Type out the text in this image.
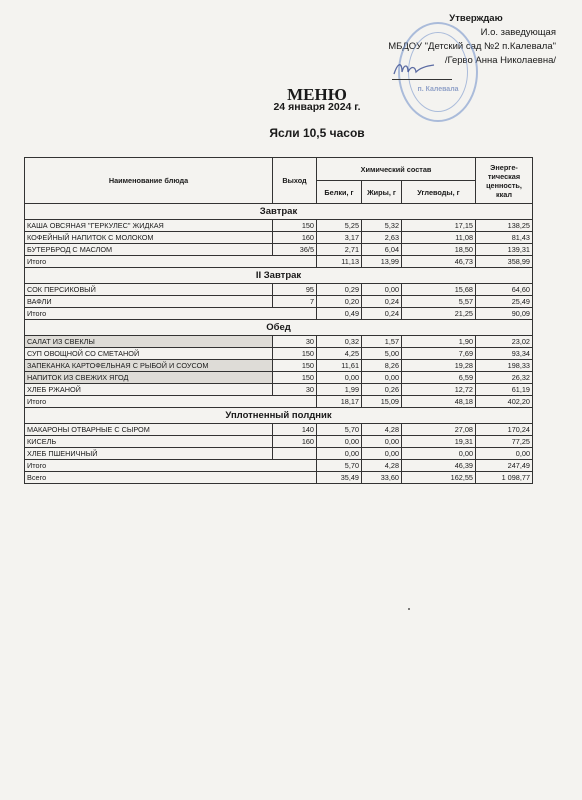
Утверждаю
И.о. заведующая
МБДОУ "Детский сад №2 п.Калевала"
/Герво Анна Николаевна/
п. Калевала
МЕНЮ
24 января 2024 г.
Ясли 10,5 часов
Наименование блюда	Выход	Химический состав			Энерге-тическая ценность, ккал
		Белки, г	Жиры, г	Углеводы, г	
Завтрак					
КАША ОВСЯНАЯ "ГЕРКУЛЕС" ЖИДКАЯ	150	5,25	5,32	17,15	138,25
КОФЕЙНЫЙ НАПИТОК С МОЛОКОМ	160	3,17	2,63	11,08	81,43
БУТЕРБРОД С МАСЛОМ	36/5	2,71	6,04	18,50	139,31
Итого		11,13	13,99	46,73	358,99
II Завтрак					
СОК ПЕРСИКОВЫЙ	95	0,29	0,00	15,68	64,60
ВАФЛИ	7	0,20	0,24	5,57	25,49
Итого		0,49	0,24	21,25	90,09
Обед					
САЛАТ ИЗ СВЕКЛЫ	30	0,32	1,57	1,90	23,02
СУП ОВОЩНОЙ СО СМЕТАНОЙ	150	4,25	5,00	7,69	93,34
ЗАПЕКАНКА КАРТОФЕЛЬНАЯ С РЫБОЙ И СОУСОМ	150	11,61	8,26	19,28	198,33
НАПИТОК ИЗ СВЕЖИХ ЯГОД	150	0,00	0,00	6,59	26,32
ХЛЕБ РЖАНОЙ	30	1,99	0,26	12,72	61,19
Итого		18,17	15,09	48,18	402,20
Уплотненный полдник					
МАКАРОНЫ ОТВАРНЫЕ С СЫРОМ	140	5,70	4,28	27,08	170,24
КИСЕЛЬ	160	0,00	0,00	19,31	77,25
ХЛЕБ ПШЕНИЧНЫЙ		0,00	0,00	0,00	0,00
Итого		5,70	4,28	46,39	247,49
Всего		35,49	33,60	162,55	1 098,77
